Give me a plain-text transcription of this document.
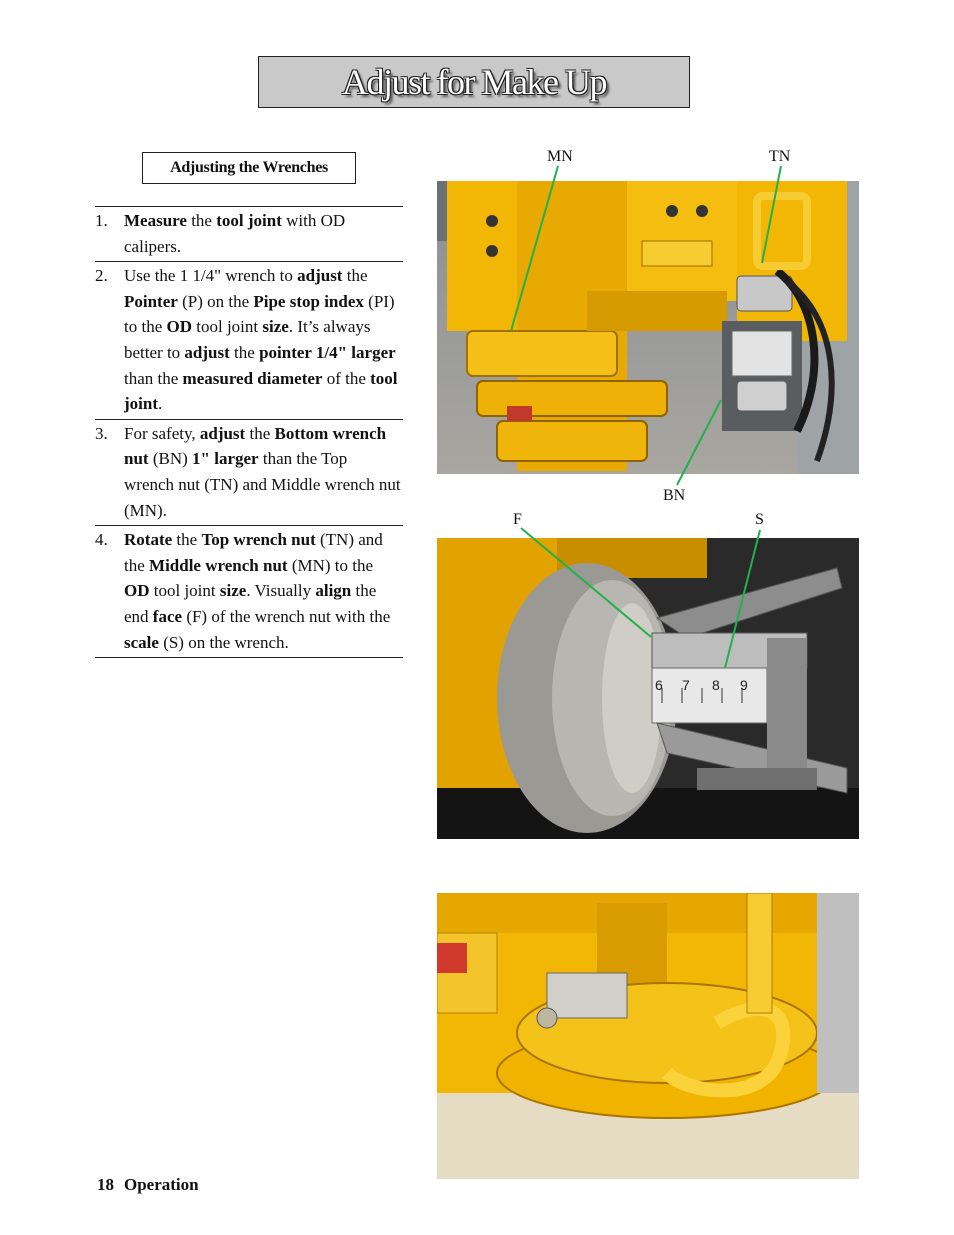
Adjust for Make Up
Adjusting the Wrenches
1. Measure the tool joint with OD calipers.
2. Use the 1 1/4" wrench to adjust the Pointer (P) on the Pipe stop index (PI) to the OD tool joint size. It’s always better to adjust the pointer 1/4" larger than the measured diameter of the tool joint.
3. For safety, adjust the Bottom wrench nut (BN) 1" larger than the Top wrench nut (TN) and Middle wrench nut (MN).
4. Rotate the Top wrench nut (TN) and the Middle wrench nut (MN) to the OD tool joint size. Visually align the end face (F) of the wrench nut with the scale (S) on the wrench.
6 7 8 9
MN	TN
BN
F	S
18 Operation
